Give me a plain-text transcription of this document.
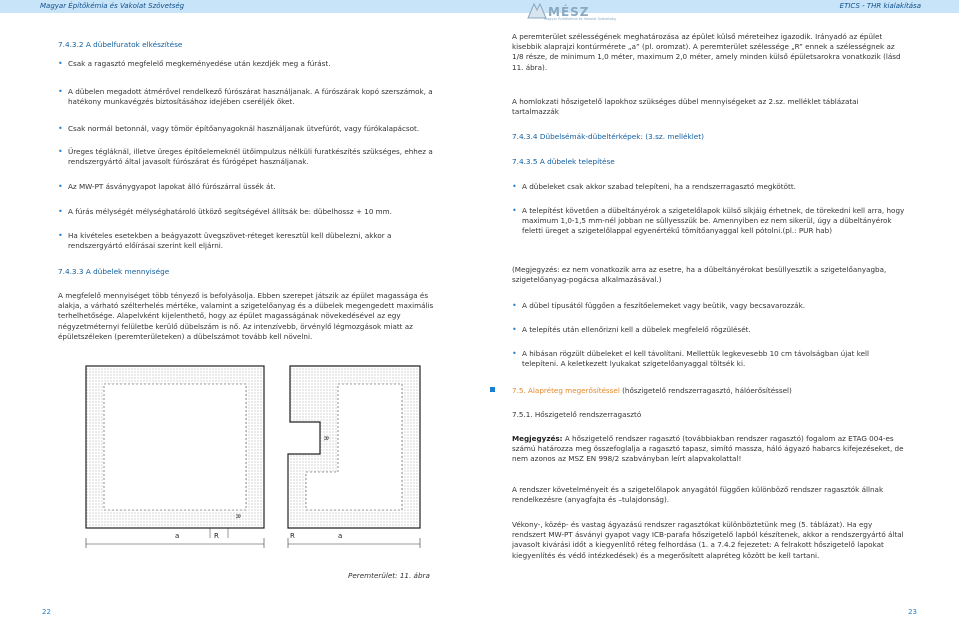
Magyar Építőkémia és Vakolat Szövetség	ETICS - THR kialakítása
MÉSZ
Magyar Építőkémia és Vakolat Szövetség
7.4.3.2 A dübelfuratok elkészítése
• Csak a ragasztó megfelelő megkeményedése után kezdjék meg a fúrást.
• A dübelen megadott átmérővel rendelkező fúrószárat használjanak. A fúrószárak kopó szerszámok, a hatékony munkavégzés biztosításához idejében cseréljék őket.
• Csak normál betonnál, vagy tömör építőanyagoknál használjanak ütvefúrót, vagy fúrókalapácsot.
• Üreges tégláknál, illetve üreges építőelemeknél ütőimpulzus nélküli furatkészítés szükséges, ehhez a rendszergyártó által javasolt fúrószárat és fúrógépet használjanak.
• Az MW-PT ásványgyapot lapokat álló fúrószárral üssék át.
• A fúrás mélységét mélységhatároló ütköző segítségével állítsák be: dübelhossz + 10 mm.
• Ha kivételes esetekben a beágyazott üvegszövet-réteget keresztül kell dübelezni, akkor a rendszergyártó előírásai szerint kell eljárni.
7.4.3.3 A dübelek mennyisége
A megfelelő mennyiséget több tényező is befolyásolja. Ebben szerepet játszik az épület magassága és alakja, a várható szélterhelés mértéke, valamint a szigetelőanyag és a dübelek megengedett maximális terhelhetősége. Alapelvként kijelenthető, hogy az épület magasságának növekedésével az egy négyzetméternyi felületbe kerülő dübelszám is nő. Az intenzívebb, örvénylő légmozgások miatt az épületszéleken (peremterületeken) a dübelszámot tovább kell növelni.
a	R	a
R
R
R
Peremterület: 11. ábra
A peremterület szélességének meghatározása az épület külső méreteihez igazodik. Irányadó az épület kisebbik alaprajzi kontúrmérete „a” (pl. oromzat). A peremterület szélessége „R” ennek a szélességnek az 1/8 része, de minimum 1,0 méter, maximum 2,0 méter, amely minden külső épületsarokra vonatkozik (lásd 11. ábra).
A homlokzati hőszigetelő lapokhoz szükséges dübel mennyiségeket az 2.sz. melléklet táblázatai tartalmazzák
7.4.3.4 Dübelsémák-dübeltérképek: (3.sz. melléklet)
7.4.3.5 A dübelek telepítése
• A dübeleket csak akkor szabad telepíteni, ha a rendszerragasztó megkötött.
• A telepítést követően a dübeltányérok a szigetelőlapok külső síkjáig érhetnek, de törekedni kell arra, hogy maximum 1,0-1,5 mm-nél jobban ne süllyesszük be. Amennyiben ez nem sikerül, úgy a dübeltányérok feletti üreget a szigetelőlappal egyenértékű tömítőanyaggal kell pótolni.(pl.: PUR hab)
(Megjegyzés: ez nem vonatkozik arra az esetre, ha a dübeltányérokat besüllyesztik a szigetelőanyagba, szigetelőanyag-pogácsa alkalmazásával.)
• A dübel típusától függően a feszítőelemeket vagy beütik, vagy becsavarozzák.
• A telepítés után ellenőrizni kell a dübelek megfelelő rögzülését.
• A hibásan rögzült dübeleket el kell távolítani. Mellettük legkevesebb 10 cm távolságban újat kell telepíteni. A keletkezett lyukakat szigetelőanyaggal töltsék ki.
7.5. Alapréteg megerősítéssel (hőszigetelő rendszerragasztó, hálóerősítéssel)
7.5.1. Hőszigetelő rendszerragasztó
Megjegyzés: A hőszigetelő rendszer ragasztó (továbbiakban rendszer ragasztó) fogalom az ETAG 004-es számú határozza meg összefoglalja a ragasztó tapasz, simító massza, háló ágyazó habarcs kifejezéseket, de nem azonos az MSZ EN 998/2 szabványban leírt alapvakolattal!
A rendszer követelményeit és a szigetelőlapok anyagától függően különböző rendszer ragasztók állnak rendelkezésre (anyagfajta és –tulajdonság).
Vékony-, közép- és vastag ágyazású rendszer ragasztókat különböztetünk meg (5. táblázat). Ha egy rendszert MW-PT ásványi gyapot vagy ICB-parafa hőszigetelő lapból készítenek, akkor a rendszergyártó által javasolt kivárási időt a kiegyenlítő réteg felhordása (1. a 7.4.2 fejezetet: A felrakott hőszigetelő lapokat kiegyenlítés és védő intézkedések) és a megerősített alapréteg között be kell tartani.
22	23
